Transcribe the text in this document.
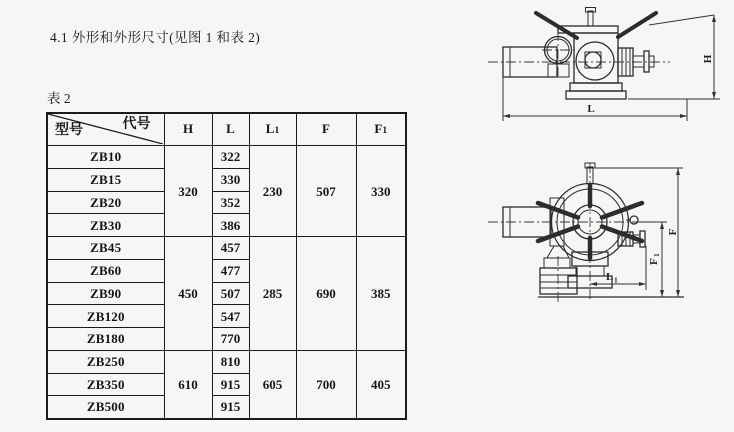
4.1 外形和外形尺寸(见图 1 和表 2)
表 2
型号 代号	H	L	L1	F	F1
ZB10	320	322	230	507	330
ZB15		330			
ZB20		352			
ZB30		386			
ZB45	450	457	285	690	385
ZB60		477			
ZB90		507			
ZB120		547			
ZB180		770			
ZB250	610	810	605	700	405
ZB350		915			
ZB500		915			
H
L
L 1
F
1
F
